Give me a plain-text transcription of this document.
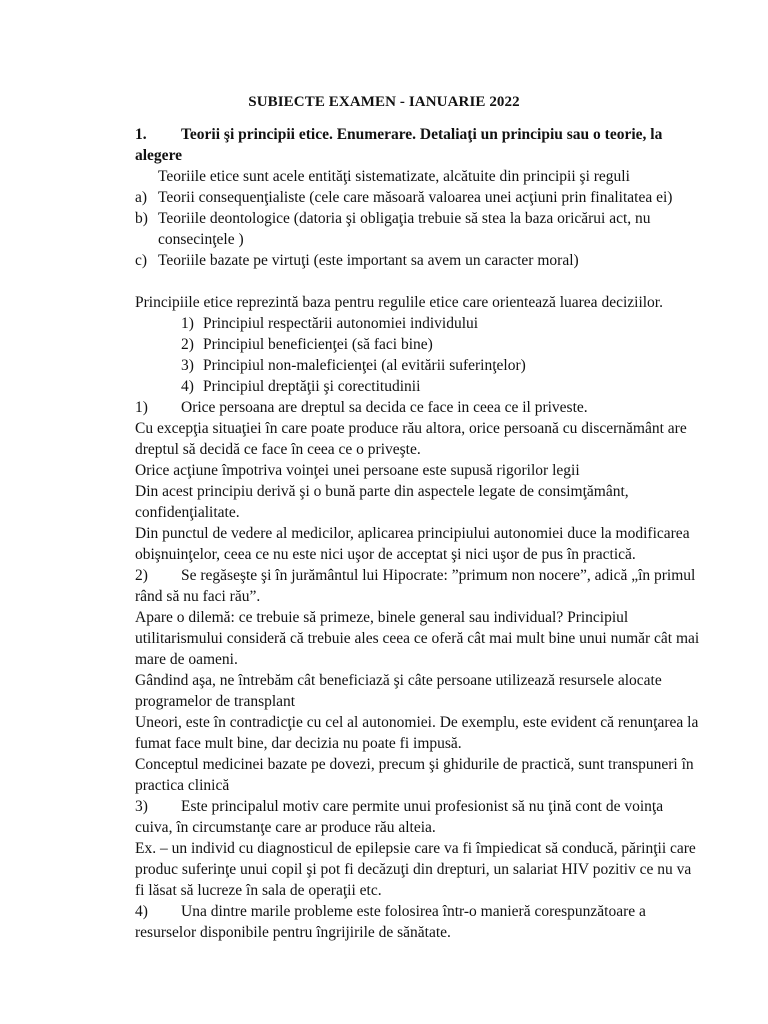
SUBIECTE EXAMEN - IANUARIE 2022

1. Teorii şi principii etice. Enumerare. Detaliaţi un principiu sau o teorie, la alegere

Teoriile etice sunt acele entităţi sistematizate, alcătuite din principii şi reguli

a) Teorii consequenţialiste (cele care măsoară valoarea unei acţiuni prin finalitatea ei)

b) Teoriile deontologice (datoria şi obligaţia trebuie să stea la baza oricărui act, nu consecinţele )

c) Teoriile bazate pe virtuţi (este important sa avem un caracter moral)

Principiile etice reprezintă baza pentru regulile etice care orientează luarea deciziilor.

1) Principiul respectării autonomiei individului

2) Principiul beneficienţei (să faci bine)

3) Principiul non-maleficienţei (al evitării suferinţelor)

4) Principiul dreptăţii şi corectitudinii

1) Orice persoana are dreptul sa decida ce face in ceea ce il priveste.

Cu excepţia situaţiei în care poate produce rău altora, orice persoană cu discernământ are dreptul să decidă ce face în ceea ce o priveşte.

Orice acţiune împotriva voinţei unei persoane este supusă rigorilor legii

Din acest principiu derivă şi o bună parte din aspectele legate de consimţământ, confidenţialitate.

Din punctul de vedere al medicilor, aplicarea principiului autonomiei duce la modificarea obişnuinţelor, ceea ce nu este nici uşor de acceptat şi nici uşor de pus în practică.

2) Se regăseşte şi în jurământul lui Hipocrate: ”primum non nocere”, adică „în primul rând să nu faci rău”.

Apare o dilemă: ce trebuie să primeze, binele general sau individual? Principiul utilitarismului consideră că trebuie ales ceea ce oferă cât mai mult bine unui număr cât mai mare de oameni.

Gândind aşa, ne întrebăm cât beneficiază şi câte persoane utilizează resursele alocate programelor de transplant

Uneori, este în contradicţie cu cel al autonomiei. De exemplu, este evident că renunţarea la fumat face mult bine, dar decizia nu poate fi impusă.

Conceptul medicinei bazate pe dovezi, precum şi ghidurile de practică, sunt transpuneri în practica clinică

3) Este principalul motiv care permite unui profesionist să nu ţină cont de voinţa cuiva, în circumstanţe care ar produce rău alteia.

Ex. – un individ cu diagnosticul de epilepsie care va fi împiedicat să conducă, părinţii care produc suferinţe unui copil şi pot fi decăzuţi din drepturi, un salariat HIV pozitiv ce nu va fi lăsat să lucreze în sala de operaţii etc.

4) Una dintre marile probleme este folosirea într-o manieră corespunzătoare a resurselor disponibile pentru îngrijirile de sănătate.
